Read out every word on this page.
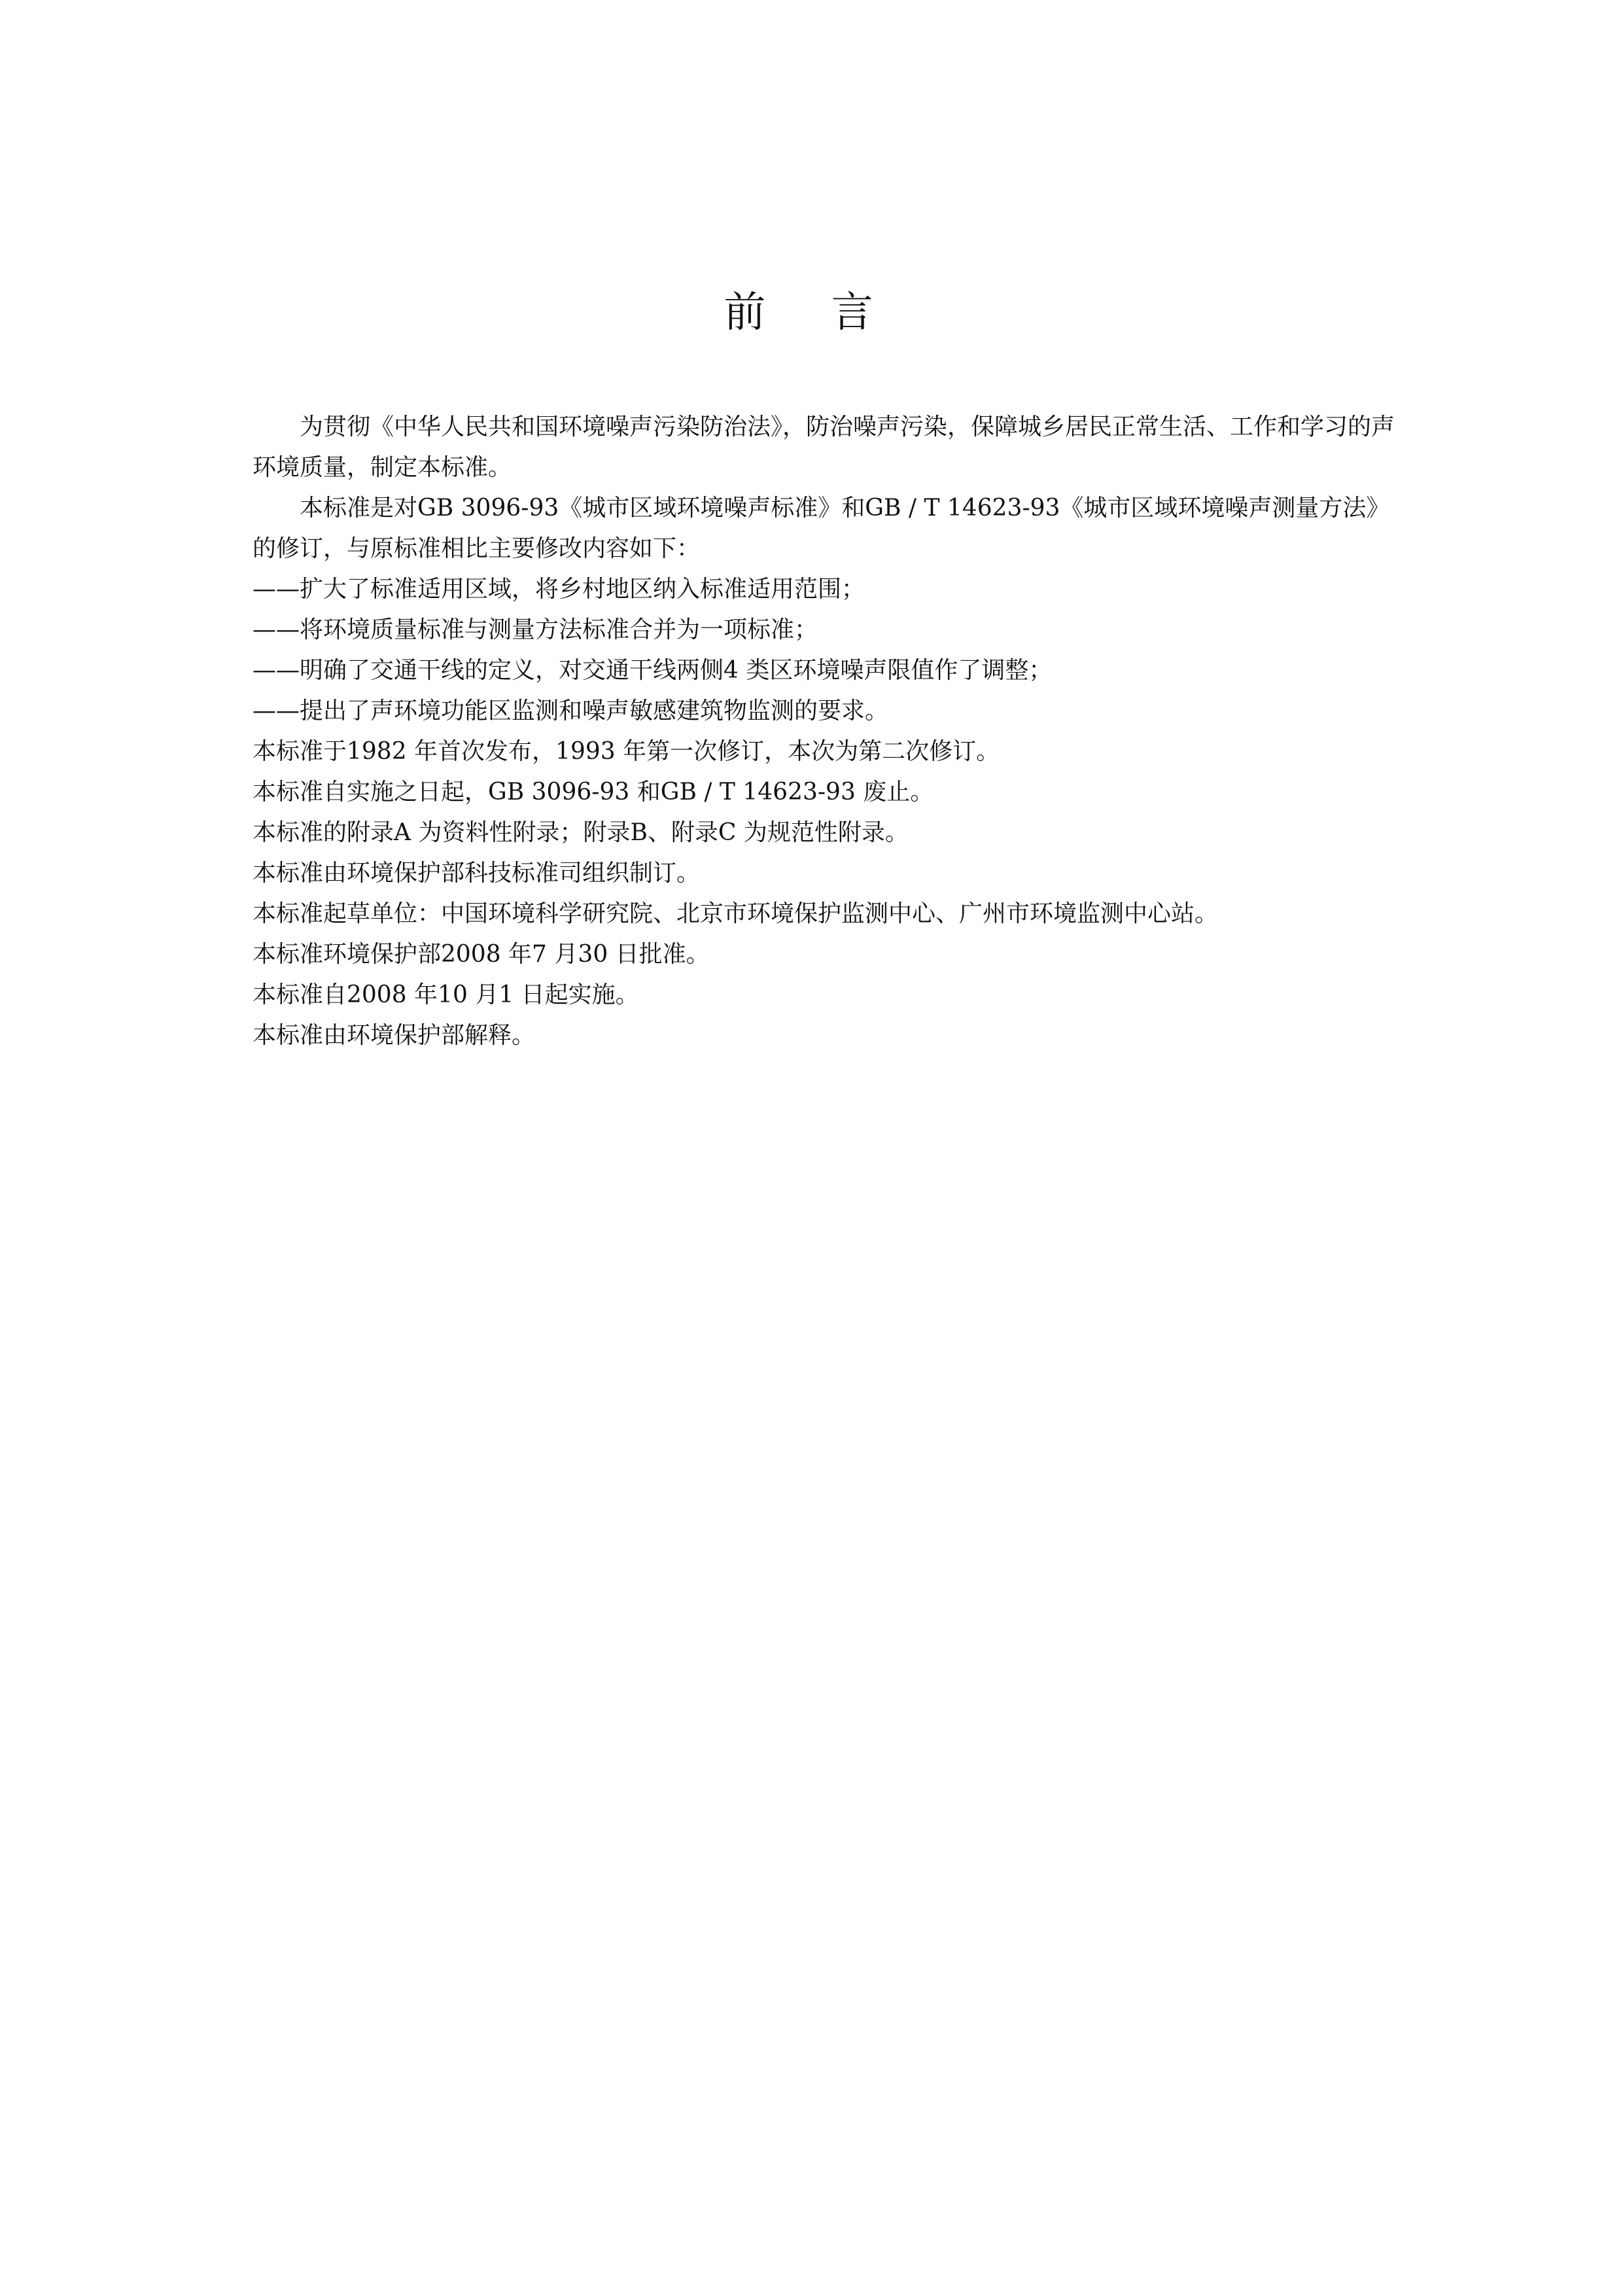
前 言

为贯彻《中华人民共和国环境噪声污染防治法》，防治噪声污染，保障城乡居民正常生活、工作和学习的声环境质量，制定本标准。

本标准是对GB 3096-93《城市区域环境噪声标准》和GB / T 14623-93《城市区域环境噪声测量方法》的修订，与原标准相比主要修改内容如下：

——扩大了标准适用区域，将乡村地区纳入标准适用范围；

——将环境质量标准与测量方法标准合并为一项标准；

——明确了交通干线的定义，对交通干线两侧4 类区环境噪声限值作了调整；

——提出了声环境功能区监测和噪声敏感建筑物监测的要求。

本标准于1982 年首次发布，1993 年第一次修订，本次为第二次修订。

本标准自实施之日起，GB 3096-93 和GB / T 14623-93 废止。

本标准的附录A 为资料性附录；附录B、附录C 为规范性附录。

本标准由环境保护部科技标准司组织制订。

本标准起草单位：中国环境科学研究院、北京市环境保护监测中心、广州市环境监测中心站。

本标准环境保护部2008 年7 月30 日批准。

本标准自2008 年10 月1 日起实施。

本标准由环境保护部解释。
